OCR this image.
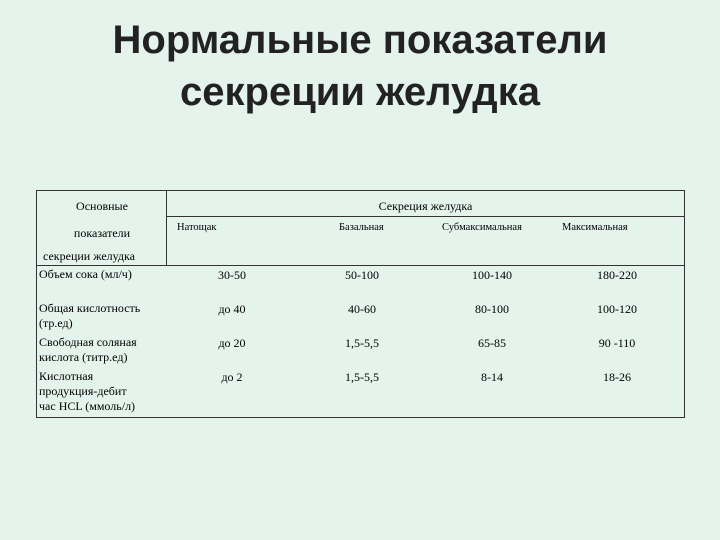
Нормальные показатели
секреции желудка
Основные
показатели
секреции желудка
Секреция желудка
Натощак	Базальная	Субмаксимальная	Максимальная
Объем сока (мл/ч)	30-50	50-100	100-140	180-220
Общая кислотность
(тр.ед)
до 40	40-60	80-100	100-120
Свободная соляная
кислота (титр.ед)
до 20	1,5-5,5	65-85	90 -110
Кислотная
продукция-дебит
час HCL (ммоль/л)
до 2	1,5-5,5	8-14	18-26
